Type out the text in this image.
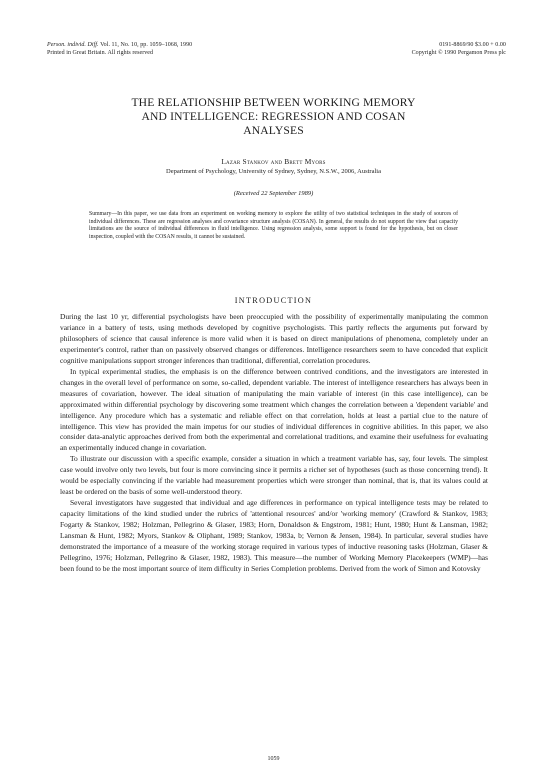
Person. individ. Diff. Vol. 11, No. 10, pp. 1059–1068, 1990
Printed in Great Britain. All rights reserved
0191-8869/90 $3.00 + 0.00
Copyright © 1990 Pergamon Press plc
THE RELATIONSHIP BETWEEN WORKING MEMORY
AND INTELLIGENCE: REGRESSION AND COSAN
ANALYSES
Lazar Stankov and Brett Myors
Department of Psychology, University of Sydney, Sydney, N.S.W., 2006, Australia
(Received 22 September 1989)
Summary—In this paper, we use data from an experiment on working memory to explore the utility of two statistical techniques in the study of sources of individual differences. These are regression analyses and covariance structure analysis (COSAN). In general, the results do not support the view that capacity limitations are the source of individual differences in fluid intelligence. Using regression analysis, some support is found for the hypothesis, but on closer inspection, coupled with the COSAN results, it cannot be sustained.
INTRODUCTION

During the last 10 yr, differential psychologists have been preoccupied with the possibility of experimentally manipulating the common variance in a battery of tests, using methods developed by cognitive psychologists. This partly reflects the arguments put forward by philosophers of science that causal inference is more valid when it is based on direct manipulations of phenomena, completely under an experimenter's control, rather than on passively observed changes or differences. Intelligence researchers seem to have conceded that explicit cognitive manipulations support stronger inferences than traditional, differential, correlation procedures.

In typical experimental studies, the emphasis is on the difference between contrived conditions, and the investigators are interested in changes in the overall level of performance on some, so-called, dependent variable. The interest of intelligence researchers has always been in measures of covariation, however. The ideal situation of manipulating the main variable of interest (in this case intelligence), can be approximated within differential psychology by discovering some treatment which changes the correlation between a 'dependent variable' and intelligence. Any procedure which has a systematic and reliable effect on that correlation, holds at least a partial clue to the nature of intelligence. This view has provided the main impetus for our studies of individual differences in cognitive abilities. In this paper, we also consider data-analytic approaches derived from both the experimental and correlational traditions, and examine their usefulness for evaluating an experimentally induced change in covariation.

To illustrate our discussion with a specific example, consider a situation in which a treatment variable has, say, four levels. The simplest case would involve only two levels, but four is more convincing since it permits a richer set of hypotheses (such as those concerning trend). It would be especially convincing if the variable had measurement properties which were stronger than nominal, that is, that its values could at least be ordered on the basis of some well-understood theory.

Several investigators have suggested that individual and age differences in performance on typical intelligence tests may be related to capacity limitations of the kind studied under the rubrics of 'attentional resources' and/or 'working memory' (Crawford & Stankov, 1983; Fogarty & Stankov, 1982; Holzman, Pellegrino & Glaser, 1983; Horn, Donaldson & Engstrom, 1981; Hunt, 1980; Hunt & Lansman, 1982; Lansman & Hunt, 1982; Myors, Stankov & Oliphant, 1989; Stankov, 1983a, b; Vernon & Jensen, 1984). In particular, several studies have demonstrated the importance of a measure of the working storage required in various types of inductive reasoning tasks (Holzman, Glaser & Pellegrino, 1976; Holzman, Pellegrino & Glaser, 1982, 1983). This measure—the number of Working Memory Placekeepers (WMP)—has been found to be the most important source of item difficulty in Series Completion problems. Derived from the work of Simon and Kotovsky

1059
